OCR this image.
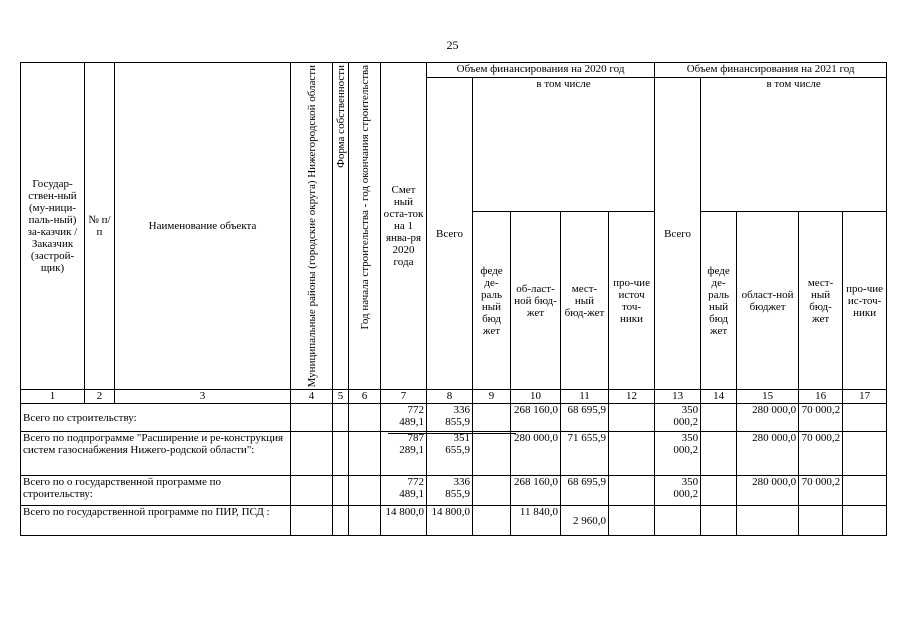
25
Государ-ствен-ный (му-ници-паль-ный) за-казчик / Заказчик (застрой-щик)	№ п/п	Наименование объекта	Муниципальные районы (городские округа) Нижегородской области	Форма собственности	Год начала строительства - год окончания строительства	Смет ный оста-ток на 1 янва-ря 2020 года	Объем финансирования на 2020 год					Объем финансирования на 2021 год				
							Всего	в том числе				Всего	в том числе			
								феде де-раль ный бюд жет	об-ласт-ной бюд-жет	мест-ный бюд-жет	про-чие источ точ-ники		феде де-раль ный бюд жет	област-ной бюджет	мест-ный бюд-жет	про-чие ис-точ-ники
1	2	3	4	5	6	7	8	9	10	11	12	13	14	15	16	17
Всего по строительству:						772 489,1	336 855,9		268 160,0	68 695,9		350 000,2		280 000,0	70 000,2	
Всего по подпрограмме "Расширение и ре-конструкция систем газоснабжения Нижего-родской области":						787 289,1	351 655,9		280 000,0	71 655,9		350 000,2		280 000,0	70 000,2	
Всего по о государственной программе по строительству:						772 489,1	336 855,9		268 160,0	68 695,9		350 000,2		280 000,0	70 000,2	
Всего по государственной программе по ПИР, ПСД :						14 800,0	14 800,0		11 840,0	2 960,0						
